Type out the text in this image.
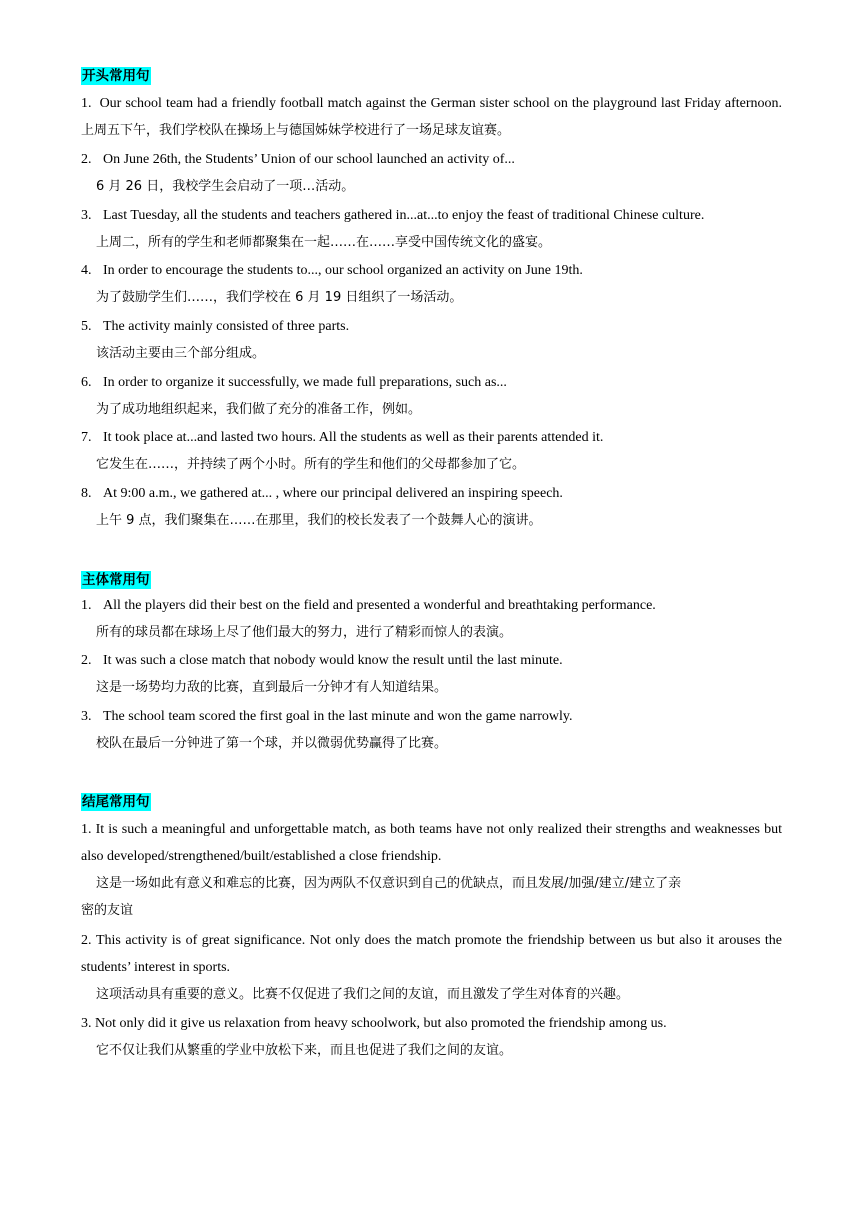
开头常用句
1. Our school team had a friendly football match against the German sister school on the playground last Friday afternoon.上周五下午，我们学校队在操场上与德国姊妹学校进行了一场足球友谊赛。
2. On June 26th, the Students’ Union of our school launched an activity of...
6 月 26 日，我校学生会启动了一项…活动。
3. Last Tuesday, all the students and teachers gathered in...at...to enjoy the feast of traditional Chinese culture.
上周二，所有的学生和老师都聚集在一起……在……享受中国传统文化的盛宴。
4. In order to encourage the students to..., our school organized an activity on June 19th.
为了鼓励学生们……，我们学校在 6 月 19 日组织了一场活动。
5. The activity mainly consisted of three parts.
该活动主要由三个部分组成。
6. In order to organize it successfully, we made full preparations, such as...
为了成功地组织起来，我们做了充分的准备工作，例如。
7. It took place at...and lasted two hours. All the students as well as their parents attended it.
它发生在……，并持续了两个小时。所有的学生和他们的父母都参加了它。
8. At 9:00 a.m., we gathered at... , where our principal delivered an inspiring speech.
上午 9 点，我们聚集在……在那里，我们的校长发表了一个鼓舞人心的演讲。
主体常用句
1. All the players did their best on the field and presented a wonderful and breathtaking performance.
所有的球员都在球场上尽了他们最大的努力，进行了精彩而惊人的表演。
2. It was such a close match that nobody would know the result until the last minute.
这是一场势均力敌的比赛，直到最后一分钟才有人知道结果。
3. The school team scored the first goal in the last minute and won the game narrowly.
校队在最后一分钟进了第一个球，并以微弱优势赢得了比赛。
结尾常用句
1. It is such a meaningful and unforgettable match, as both teams have not only realized their strengths and weaknesses but also developed/strengthened/built/established a close friendship.
这是一场如此有意义和难忘的比赛，因为两队不仅意识到自己的优缺点，而且发展/加强/建立/建立了亲
密的友谊
2. This activity is of great significance. Not only does the match promote the friendship between us but also it arouses the students’ interest in sports.
这项活动具有重要的意义。比赛不仅促进了我们之间的友谊，而且激发了学生对体育的兴趣。
3. Not only did it give us relaxation from heavy schoolwork, but also promoted the friendship among us.
它不仅让我们从繁重的学业中放松下来，而且也促进了我们之间的友谊。
